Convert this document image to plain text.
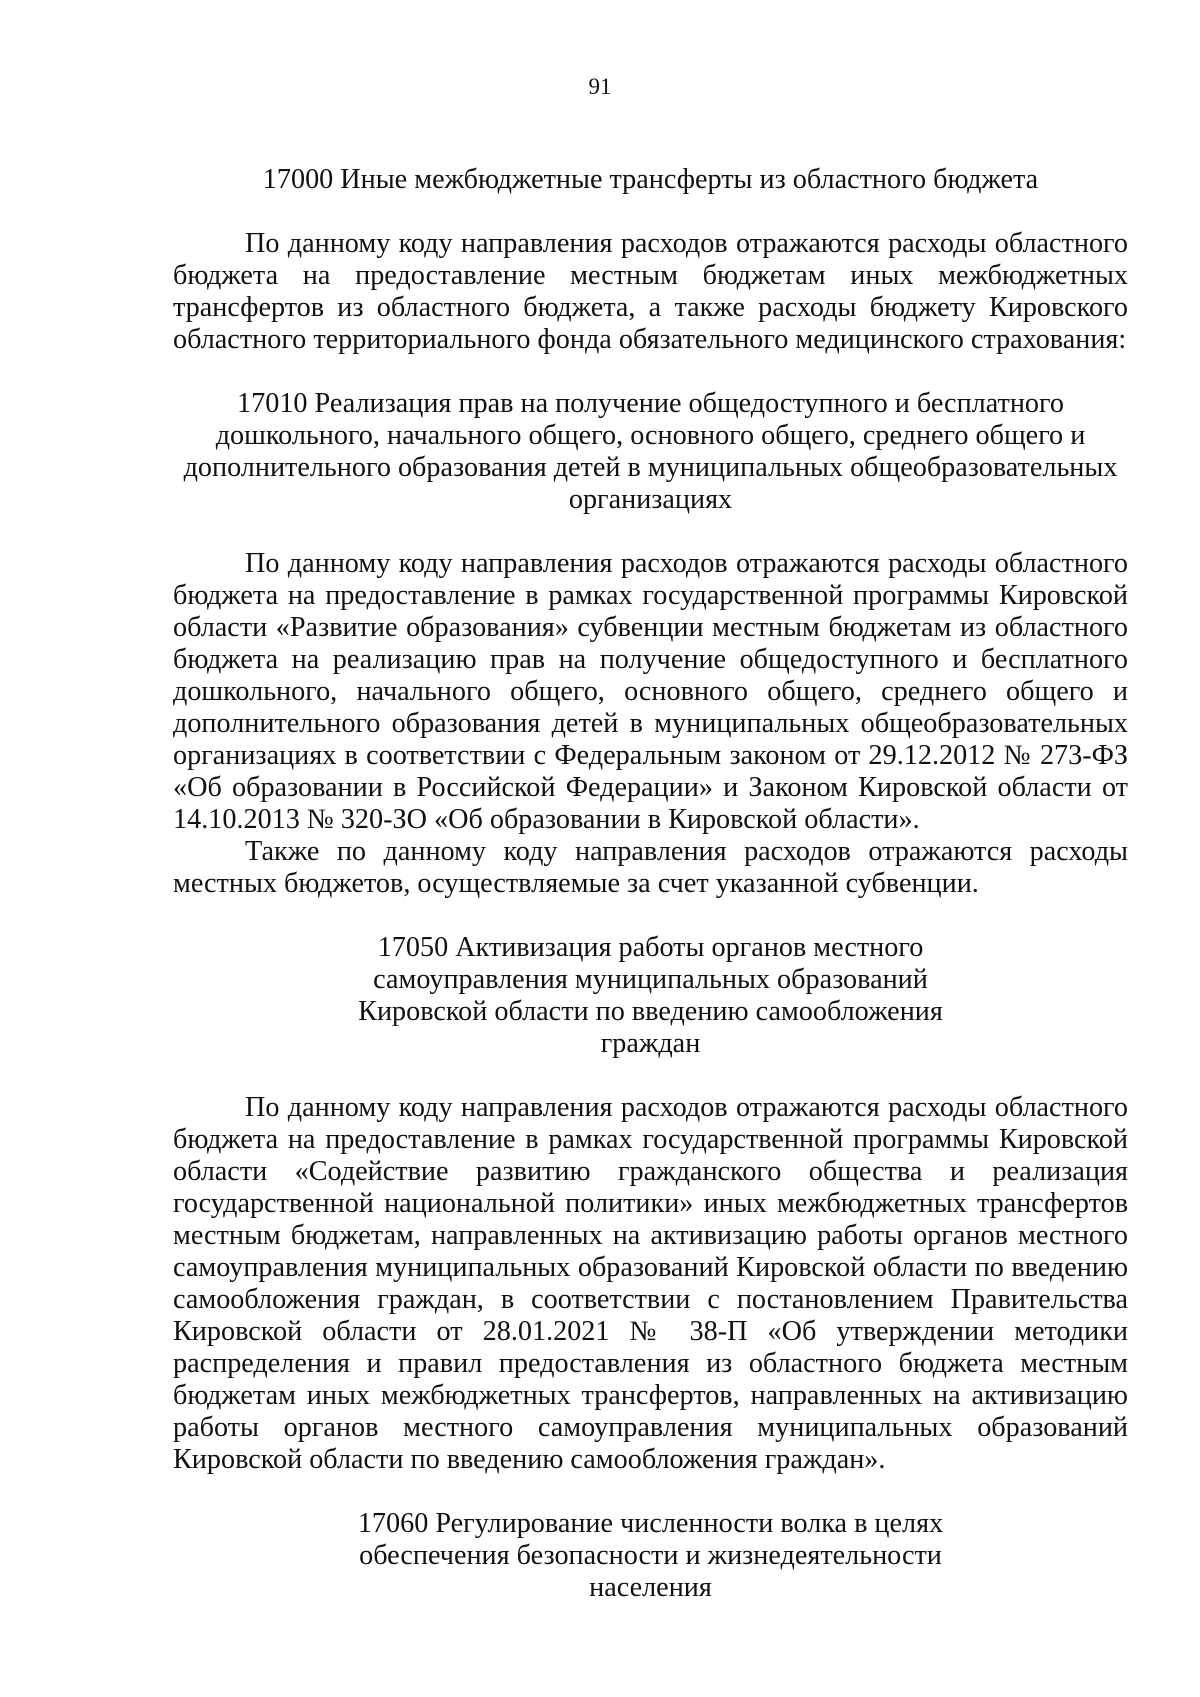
91

17000 Иные межбюджетные трансферты из областного бюджета

По данному коду направления расходов отражаются расходы областного бюджета на предоставление местным бюджетам иных межбюджетных трансфертов из областного бюджета, а также расходы бюджету Кировского областного территориального фонда обязательного медицинского страхования:

17010 Реализация прав на получение общедоступного и бесплатного дошкольного, начального общего, основного общего, среднего общего и дополнительного образования детей в муниципальных общеобразовательных организациях

По данному коду направления расходов отражаются расходы областного бюджета на предоставление в рамках государственной программы Кировской области «Развитие образования» субвенции местным бюджетам из областного бюджета на реализацию прав на получение общедоступного и бесплатного дошкольного, начального общего, основного общего, среднего общего и дополнительного образования детей в муниципальных общеобразовательных организациях в соответствии с Федеральным законом от 29.12.2012 № 273-ФЗ «Об образовании в Российской Федерации» и Законом Кировской области от 14.10.2013 № 320-ЗО «Об образовании в Кировской области».

Также по данному коду направления расходов отражаются расходы местных бюджетов, осуществляемые за счет указанной субвенции.

17050 Активизация работы органов местного самоуправления муниципальных образований Кировской области по введению самообложения граждан

По данному коду направления расходов отражаются расходы областного бюджета на предоставление в рамках государственной программы Кировской области «Содействие развитию гражданского общества и реализация государственной национальной политики» иных межбюджетных трансфертов местным бюджетам, направленных на активизацию работы органов местного самоуправления муниципальных образований Кировской области по введению самообложения граждан, в соответствии с постановлением Правительства Кировской области от 28.01.2021 № 38-П «Об утверждении методики распределения и правил предоставления из областного бюджета местным бюджетам иных межбюджетных трансфертов, направленных на активизацию работы органов местного самоуправления муниципальных образований Кировской области по введению самообложения граждан».

17060 Регулирование численности волка в целях обеспечения безопасности и жизнедеятельности населения
